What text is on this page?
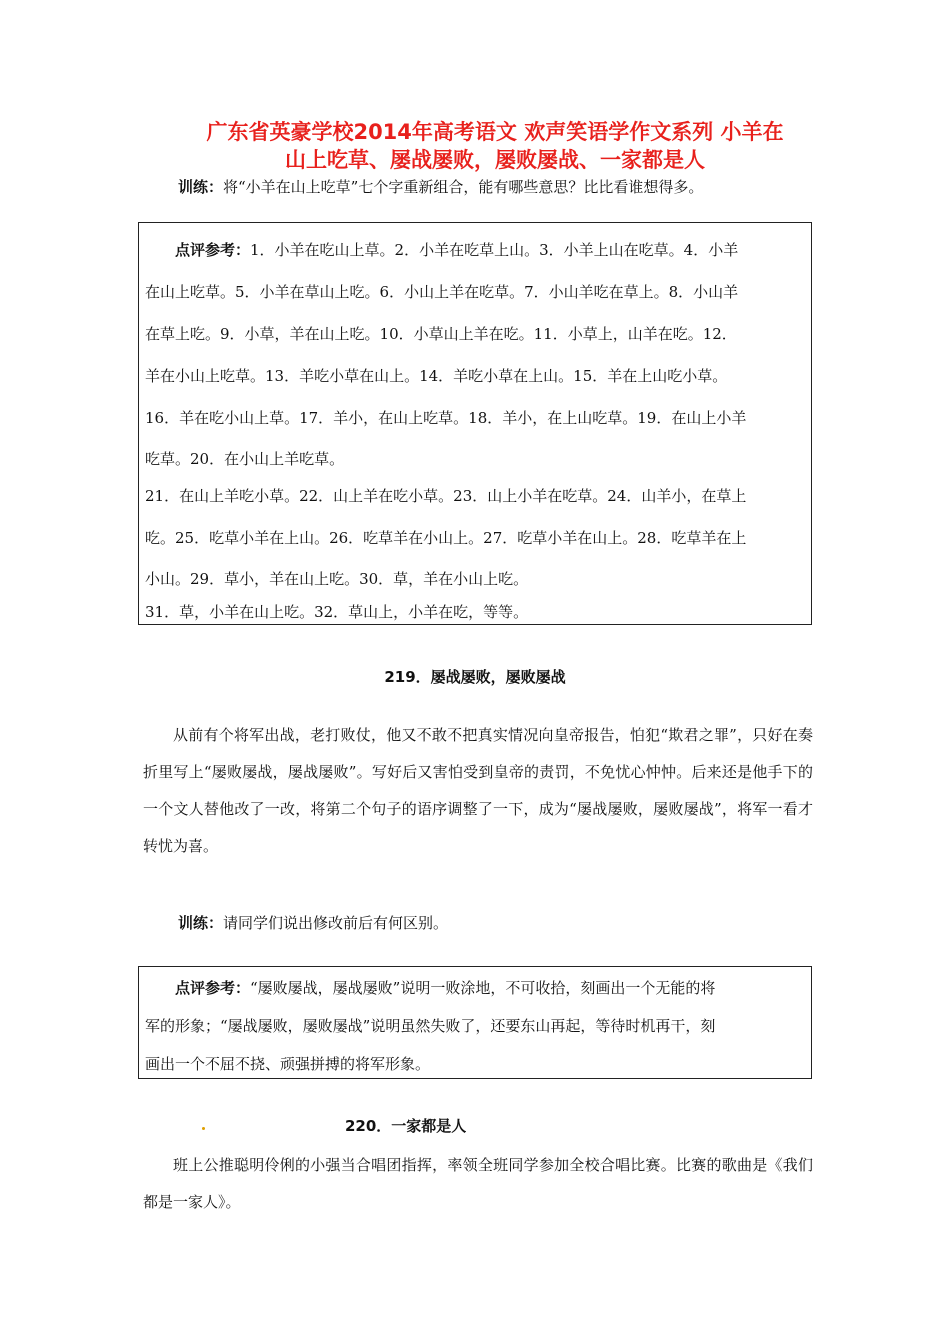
广东省英豪学校2014年高考语文 欢声笑语学作文系列 小羊在
山上吃草、屡战屡败，屡败屡战、一家都是人
训练：将“小羊在山上吃草”七个字重新组合，能有哪些意思？比比看谁想得多。
点评参考：1．小羊在吃山上草。2．小羊在吃草上山。3．小羊上山在吃草。4．小羊
在山上吃草。5．小羊在草山上吃。6．小山上羊在吃草。7．小山羊吃在草上。8．小山羊
在草上吃。9．小草，羊在山上吃。10．小草山上羊在吃。11．小草上，山羊在吃。12．
羊在小山上吃草。13．羊吃小草在山上。14．羊吃小草在上山。15．羊在上山吃小草。
16．羊在吃小山上草。17．羊小，在山上吃草。18．羊小，在上山吃草。19．在山上小羊
吃草。20．在小山上羊吃草。
21．在山上羊吃小草。22．山上羊在吃小草。23．山上小羊在吃草。24．山羊小，在草上
吃。25．吃草小羊在上山。26．吃草羊在小山上。27．吃草小羊在山上。28．吃草羊在上
小山。29．草小，羊在山上吃。30．草，羊在小山上吃。
31．草，小羊在山上吃。32．草山上，小羊在吃，等等。
219．屡战屡败，屡败屡战
从前有个将军出战，老打败仗，他又不敢不把真实情况向皇帝报告，怕犯“欺君之罪”，只好在奏折里写上“屡败屡战，屡战屡败”。写好后又害怕受到皇帝的责罚，不免忧心忡忡。后来还是他手下的一个文人替他改了一改，将第二个句子的语序调整了一下，成为“屡战屡败，屡败屡战”，将军一看才转忧为喜。
训练：请同学们说出修改前后有何区别。
点评参考：“屡败屡战，屡战屡败”说明一败涂地，不可收拾，刻画出一个无能的将
军的形象；“屡战屡败，屡败屡战”说明虽然失败了，还要东山再起，等待时机再干，刻
画出一个不屈不挠、顽强拼搏的将军形象。
220．一家都是人
班上公推聪明伶俐的小强当合唱团指挥，率领全班同学参加全校合唱比赛。比赛的歌曲是《我们都是一家人》。
